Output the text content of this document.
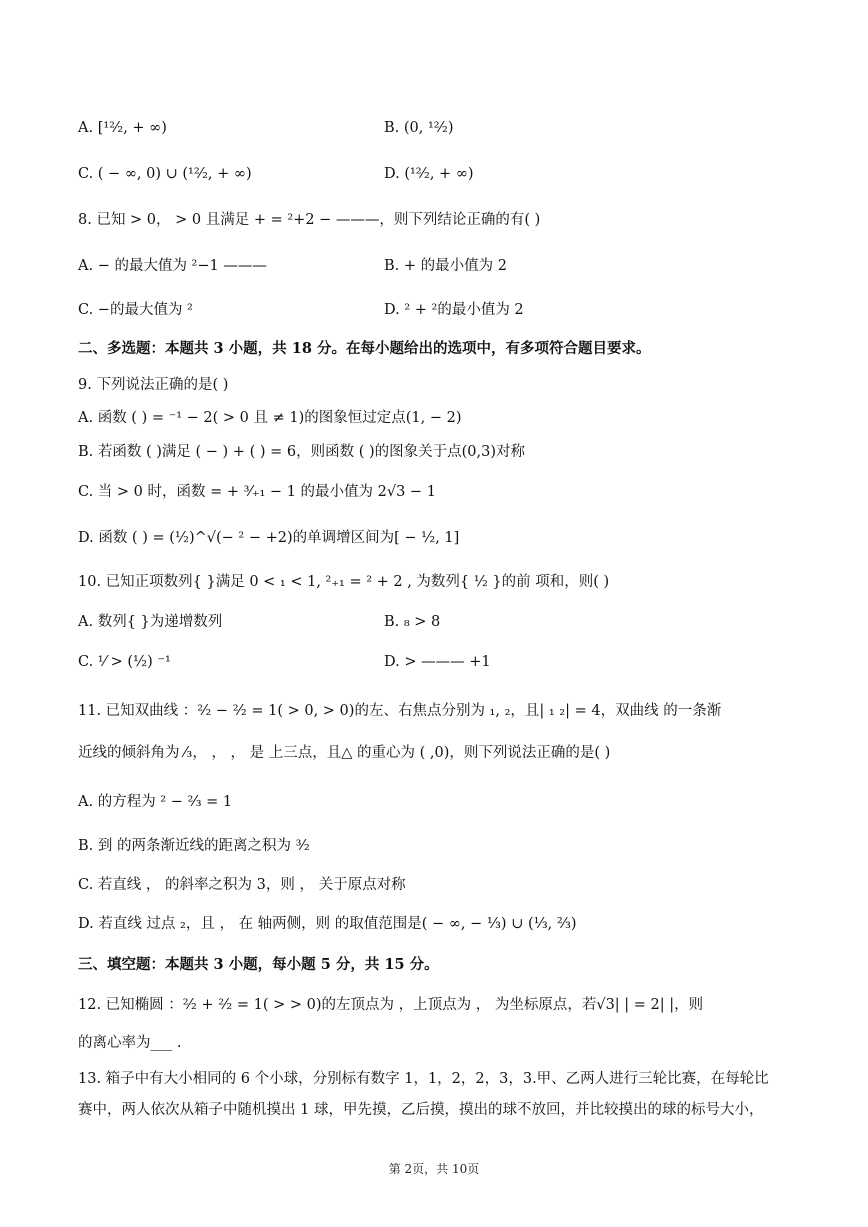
A. [¹²⁄₂, + ∞)	B. (0, ¹²⁄₂)
C. ( − ∞, 0) ∪ (¹²⁄₂, + ∞)	D. (¹²⁄₂, + ∞)
8. 已知 > 0， > 0 且满足 + = ²+2 − ———，则下列结论正确的有( )
A. − 的最大值为 ²−1 ———	B. + 的最小值为 2
C. −的最大值为 ²	D. ² + ²的最小值为 2
二、多选题：本题共 3 小题，共 18 分。在每小题给出的选项中，有多项符合题目要求。
9. 下列说法正确的是( )
A. 函数 ( ) = ⁻¹ − 2( > 0 且 ≠ 1)的图象恒过定点(1, − 2)
B. 若函数 ( )满足 ( − ) + ( ) = 6，则函数 ( )的图象关于点(0,3)对称
C. 当 > 0 时，函数 = + ³⁄₊₁ − 1 的最小值为 2√3 − 1
D. 函数 ( ) = (½)^√(− ² − +2)的单调增区间为[ − ½, 1]
10. 已知正项数列{ }满足 0 < ₁ < 1, ²₊₁ = ² + 2 , 为数列{ ½ }的前 项和，则( )
A. 数列{ }为递增数列	B. ₈ > 8
C. ¹⁄ > (½) ⁻¹	D. > ——— +1
11. 已知双曲线 ：²⁄₂ − ²⁄₂ = 1( > 0, > 0)的左、右焦点分别为 ₁, ₂，且| ₁ ₂| = 4，双曲线 的一条渐
近线的倾斜角为 ⁄₃， ， ， 是 上三点，且△ 的重心为 ( ,0)，则下列说法正确的是( )
A. 的方程为 ² − ²⁄₃ = 1
B. 到 的两条渐近线的距离之积为 ³⁄₂
C. 若直线 ， 的斜率之积为 3，则 ， 关于原点对称
D. 若直线 过点 ₂，且 ， 在 轴两侧，则 的取值范围是( − ∞, − ⅓) ∪ (⅓, ⅔)
三、填空题：本题共 3 小题，每小题 5 分，共 15 分。
12. 已知椭圆 ：²⁄₂ + ²⁄₂ = 1( > > 0)的左顶点为 ，上顶点为 ， 为坐标原点，若√3| | = 2| |，则
的离心率为___ .
13. 箱子中有大小相同的 6 个小球，分别标有数字 1，1，2，2，3，3.甲、乙两人进行三轮比赛，在每轮比
赛中，两人依次从箱子中随机摸出 1 球，甲先摸，乙后摸，摸出的球不放回，并比较摸出的球的标号大小，
第 2页，共 10页
